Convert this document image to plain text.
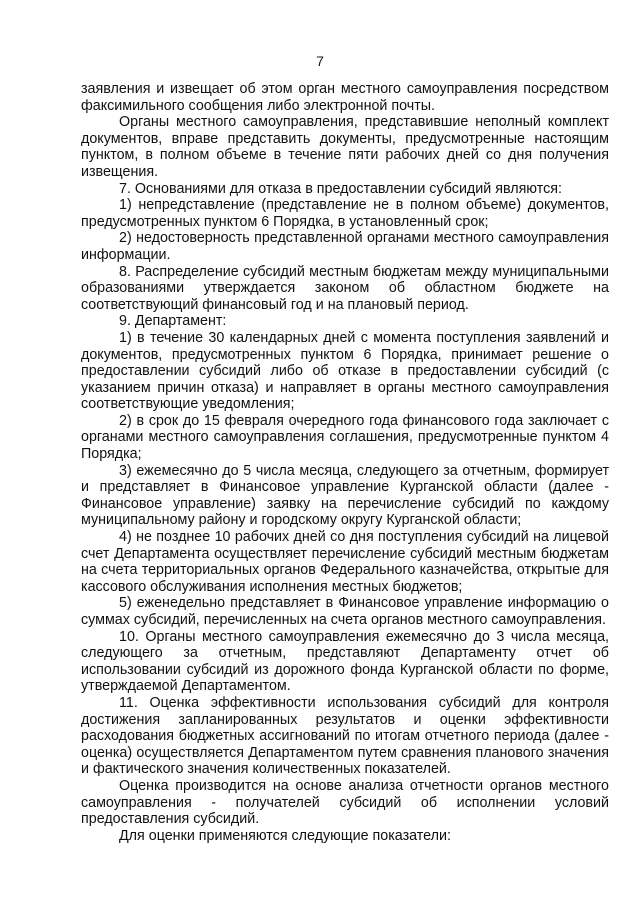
7

заявления и извещает об этом орган местного самоуправления посредством факсимильного сообщения либо электронной почты.

Органы местного самоуправления, представившие неполный комплект документов, вправе представить документы, предусмотренные настоящим пунктом, в полном объеме в течение пяти рабочих дней со дня получения извещения.

7. Основаниями для отказа в предоставлении субсидий являются:

1) непредставление (представление не в полном объеме) документов, предусмотренных пунктом 6 Порядка, в установленный срок;

2) недостоверность представленной органами местного самоуправления информации.

8. Распределение субсидий местным бюджетам между муниципальными образованиями утверждается законом об областном бюджете на соответствующий финансовый год и на плановый период.

9. Департамент:

1) в течение 30 календарных дней с момента поступления заявлений и документов, предусмотренных пунктом 6 Порядка, принимает решение о предоставлении субсидий либо об отказе в предоставлении субсидий (с указанием причин отказа) и направляет в органы местного самоуправления соответствующие уведомления;

2) в срок до 15 февраля очередного года финансового года заключает с органами местного самоуправления соглашения, предусмотренные пунктом 4 Порядка;

3) ежемесячно до 5 числа месяца, следующего за отчетным, формирует и представляет в Финансовое управление Курганской области (далее - Финансовое управление) заявку на перечисление субсидий по каждому муниципальному району и городскому округу Курганской области;

4) не позднее 10 рабочих дней со дня поступления субсидий на лицевой счет Департамента осуществляет перечисление субсидий местным бюджетам на счета территориальных органов Федерального казначейства, открытые для кассового обслуживания исполнения местных бюджетов;

5) еженедельно представляет в Финансовое управление информацию о суммах субсидий, перечисленных на счета органов местного самоуправления.

10. Органы местного самоуправления ежемесячно до 3 числа месяца, следующего за отчетным, представляют Департаменту отчет об использовании субсидий из дорожного фонда Курганской области по форме, утверждаемой Департаментом.

11. Оценка эффективности использования субсидий для контроля достижения запланированных результатов и оценки эффективности расходования бюджетных ассигнований по итогам отчетного периода (далее - оценка) осуществляется Департаментом путем сравнения планового значения и фактического значения количественных показателей.

Оценка производится на основе анализа отчетности органов местного самоуправления - получателей субсидий об исполнении условий предоставления субсидий.

Для оценки применяются следующие показатели:
